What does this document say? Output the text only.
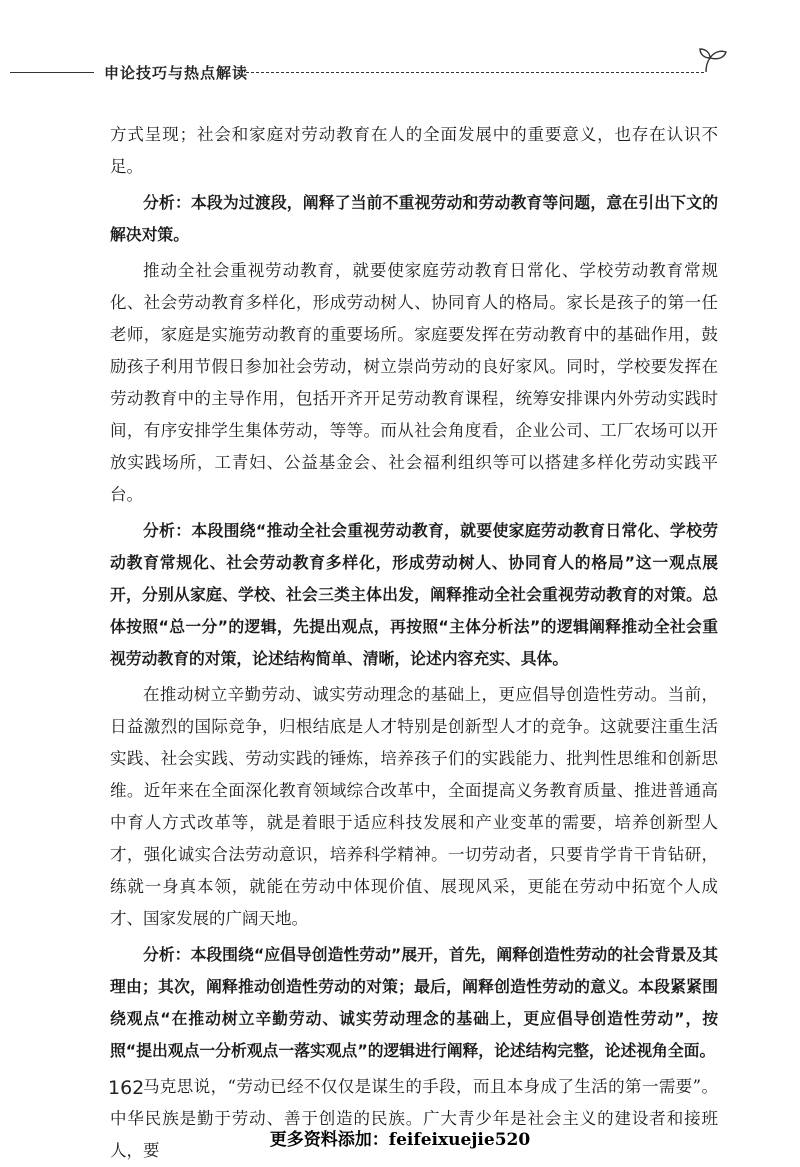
申论技巧与热点解读

方式呈现；社会和家庭对劳动教育在人的全面发展中的重要意义，也存在认识不足。

分析：本段为过渡段，阐释了当前不重视劳动和劳动教育等问题，意在引出下文的解决对策。

推动全社会重视劳动教育，就要使家庭劳动教育日常化、学校劳动教育常规化、社会劳动教育多样化，形成劳动树人、协同育人的格局。家长是孩子的第一任老师，家庭是实施劳动教育的重要场所。家庭要发挥在劳动教育中的基础作用，鼓励孩子利用节假日参加社会劳动，树立崇尚劳动的良好家风。同时，学校要发挥在劳动教育中的主导作用，包括开齐开足劳动教育课程，统筹安排课内外劳动实践时间，有序安排学生集体劳动，等等。而从社会角度看，企业公司、工厂农场可以开放实践场所，工青妇、公益基金会、社会福利组织等可以搭建多样化劳动实践平台。

分析：本段围绕“推动全社会重视劳动教育，就要使家庭劳动教育日常化、学校劳动教育常规化、社会劳动教育多样化，形成劳动树人、协同育人的格局”这一观点展开，分别从家庭、学校、社会三类主体出发，阐释推动全社会重视劳动教育的对策。总体按照“总一分”的逻辑，先提出观点，再按照“主体分析法”的逻辑阐释推动全社会重视劳动教育的对策，论述结构简单、清晰，论述内容充实、具体。

在推动树立辛勤劳动、诚实劳动理念的基础上，更应倡导创造性劳动。当前，日益激烈的国际竞争，归根结底是人才特别是创新型人才的竞争。这就要注重生活实践、社会实践、劳动实践的锤炼，培养孩子们的实践能力、批判性思维和创新思维。近年来在全面深化教育领域综合改革中，全面提高义务教育质量、推进普通高中育人方式改革等，就是着眼于适应科技发展和产业变革的需要，培养创新型人才，强化诚实合法劳动意识，培养科学精神。一切劳动者，只要肯学肯干肯钻研，练就一身真本领，就能在劳动中体现价值、展现风采，更能在劳动中拓宽个人成才、国家发展的广阔天地。

分析：本段围绕“应倡导创造性劳动”展开，首先，阐释创造性劳动的社会背景及其理由；其次，阐释推动创造性劳动的对策；最后，阐释创造性劳动的意义。本段紧紧围绕观点“在推动树立辛勤劳动、诚实劳动理念的基础上，更应倡导创造性劳动”，按照“提出观点一分析观点一落实观点”的逻辑进行阐释，论述结构完整，论述视角全面。

马克思说，“劳动已经不仅仅是谋生的手段，而且本身成了生活的第一需要”。中华民族是勤于劳动、善于创造的民族。广大青少年是社会主义的建设者和接班人，要

162
更多资料添加：feifeixuejie520
